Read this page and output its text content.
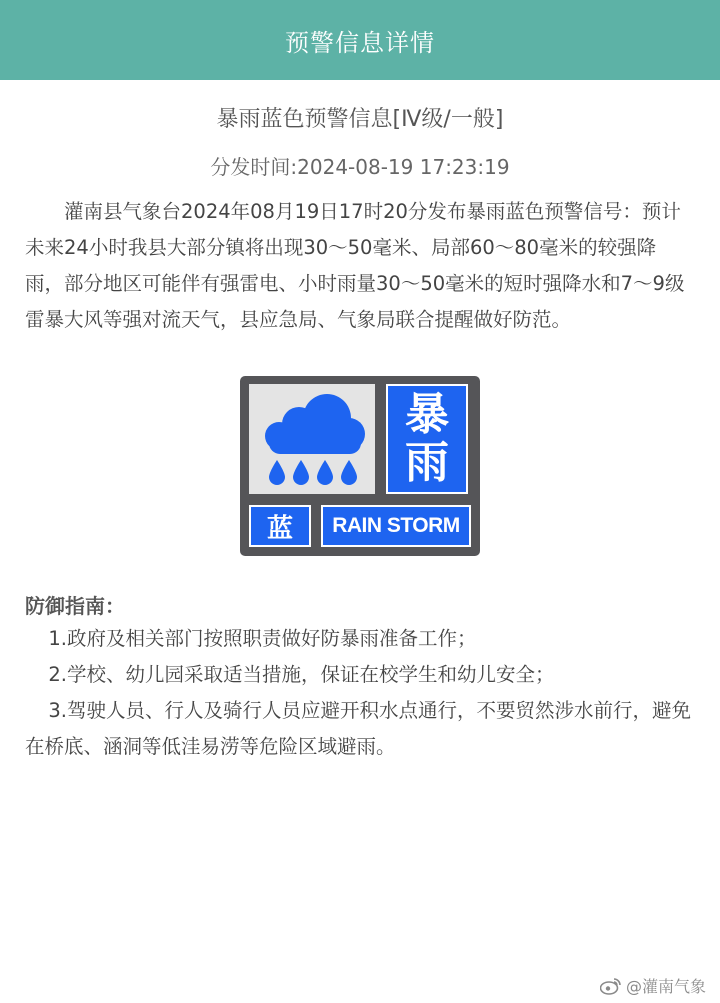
预警信息详情
暴雨蓝色预警信息[Ⅳ级/一般]
分发时间:2024-08-19 17:23:19
灌南县气象台2024年08月19日17时20分发布暴雨蓝色预警信号：预计未来24小时我县大部分镇将出现30～50毫米、局部60～80毫米的较强降雨，部分地区可能伴有强雷电、小时雨量30～50毫米的短时强降水和7～9级雷暴大风等强对流天气，县应急局、气象局联合提醒做好防范。
暴
雨
蓝 RAIN STORM
防御指南：
1.政府及相关部门按照职责做好防暴雨准备工作；
2.学校、幼儿园采取适当措施，保证在校学生和幼儿安全；
3.驾驶人员、行人及骑行人员应避开积水点通行，不要贸然涉水前行，避免在桥底、涵洞等低洼易涝等危险区域避雨。
@灌南气象
